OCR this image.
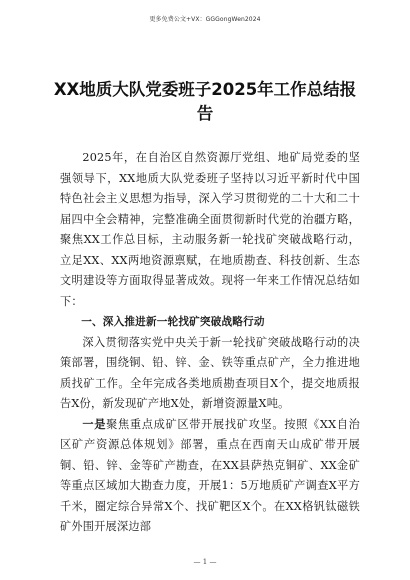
更多免费公文+VX：GGGongWen2024
XX地质大队党委班子2025年工作总结报告

2025年，在自治区自然资源厅党组、地矿局党委的坚强领导下，XX地质大队党委班子坚持以习近平新时代中国特色社会主义思想为指导，深入学习贯彻党的二十大和二十届四中全会精神，完整准确全面贯彻新时代党的治疆方略，聚焦XX工作总目标，主动服务新一轮找矿突破战略行动，立足XX、XX两地资源禀赋，在地质勘查、科技创新、生态文明建设等方面取得显著成效。现将一年来工作情况总结如下：

一、深入推进新一轮找矿突破战略行动

深入贯彻落实党中央关于新一轮找矿突破战略行动的决策部署，围绕铜、铅、锌、金、铁等重点矿产，全力推进地质找矿工作。全年完成各类地质勘查项目X个，提交地质报告X份，新发现矿产地X处，新增资源量X吨。

一是聚焦重点成矿区带开展找矿攻坚。按照《XX自治区矿产资源总体规划》部署，重点在西南天山成矿带开展铜、铅、锌、金等矿产勘查，在XX县萨热克铜矿、XX金矿等重点区域加大勘查力度，开展1：5万地质矿产调查X平方千米，圈定综合异常X个、找矿靶区X个。在XX格钒钛磁铁矿外围开展深边部

— 1 —
